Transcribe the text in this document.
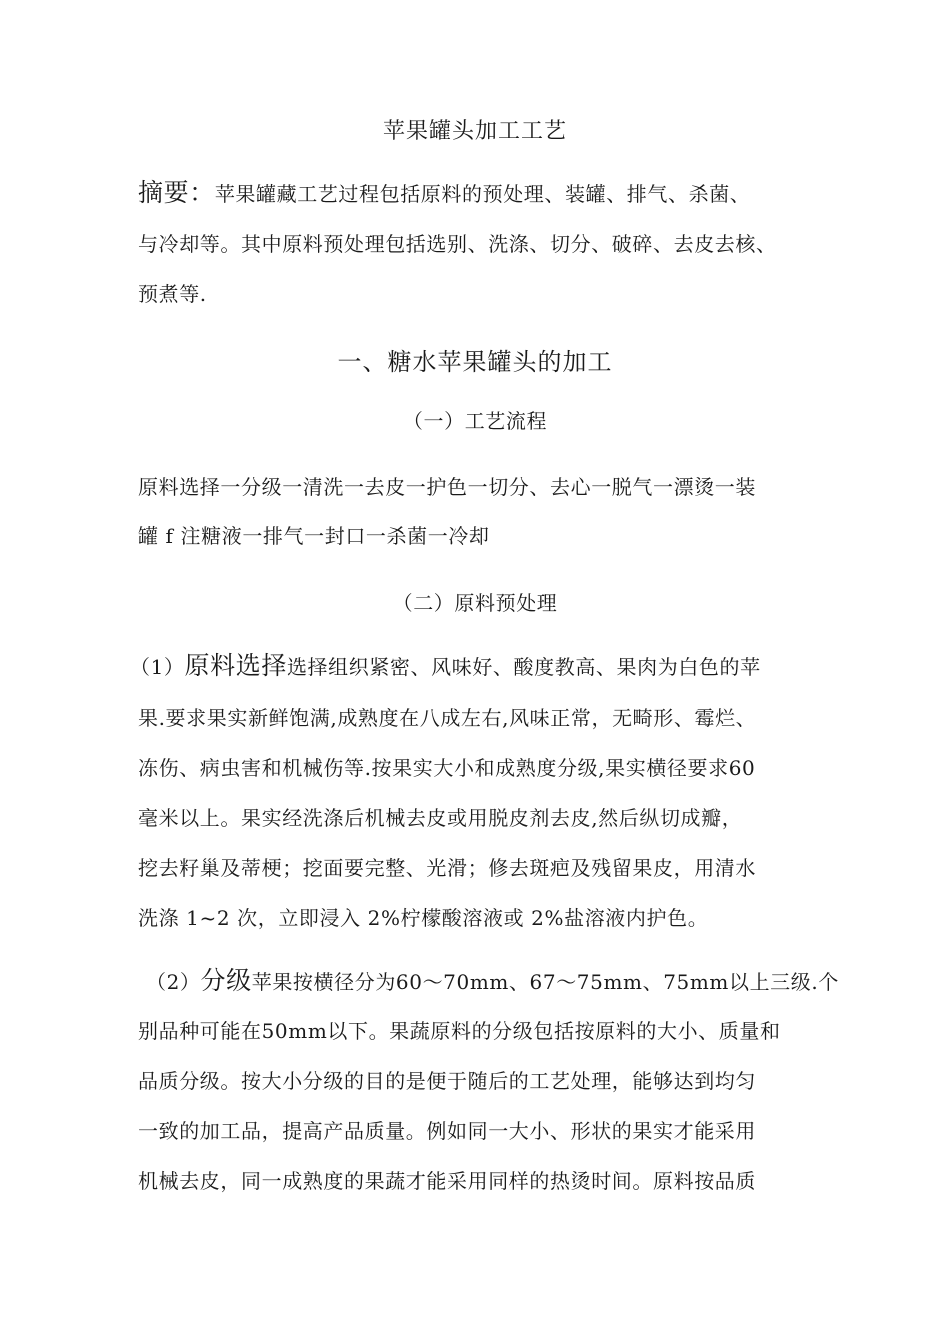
苹果罐头加工工艺
摘要：苹果罐藏工艺过程包括原料的预处理、装罐、排气、杀菌、
与冷却等。其中原料预处理包括选别、洗涤、切分、破碎、去皮去核、
预煮等.
一、糖水苹果罐头的加工
（一）工艺流程
原料选择一分级一清洗一去皮一护色一切分、去心一脱气一漂烫一装
罐 f 注糖液一排气一封口一杀菌一冷却
（二）原料预处理
（1）原料选择选择组织紧密、风味好、酸度教高、果肉为白色的苹
果.要求果实新鲜饱满,成熟度在八成左右,风味正常，无畸形、霉烂、
冻伤、病虫害和机械伤等.按果实大小和成熟度分级,果实横径要求60
毫米以上。果实经洗涤后机械去皮或用脱皮剂去皮,然后纵切成瓣，
挖去籽巢及蒂梗；挖面要完整、光滑；修去斑疤及残留果皮，用清水
洗涤 1~2 次，立即浸入 2%柠檬酸溶液或 2%盐溶液内护色。
（2）分级苹果按横径分为60〜70mm、67〜75mm、75mm以上三级.个
别品种可能在50mm以下。果蔬原料的分级包括按原料的大小、质量和
品质分级。按大小分级的目的是便于随后的工艺处理，能够达到均匀
一致的加工品，提高产品质量。例如同一大小、形状的果实才能采用
机械去皮，同一成熟度的果蔬才能采用同样的热烫时间。原料按品质
